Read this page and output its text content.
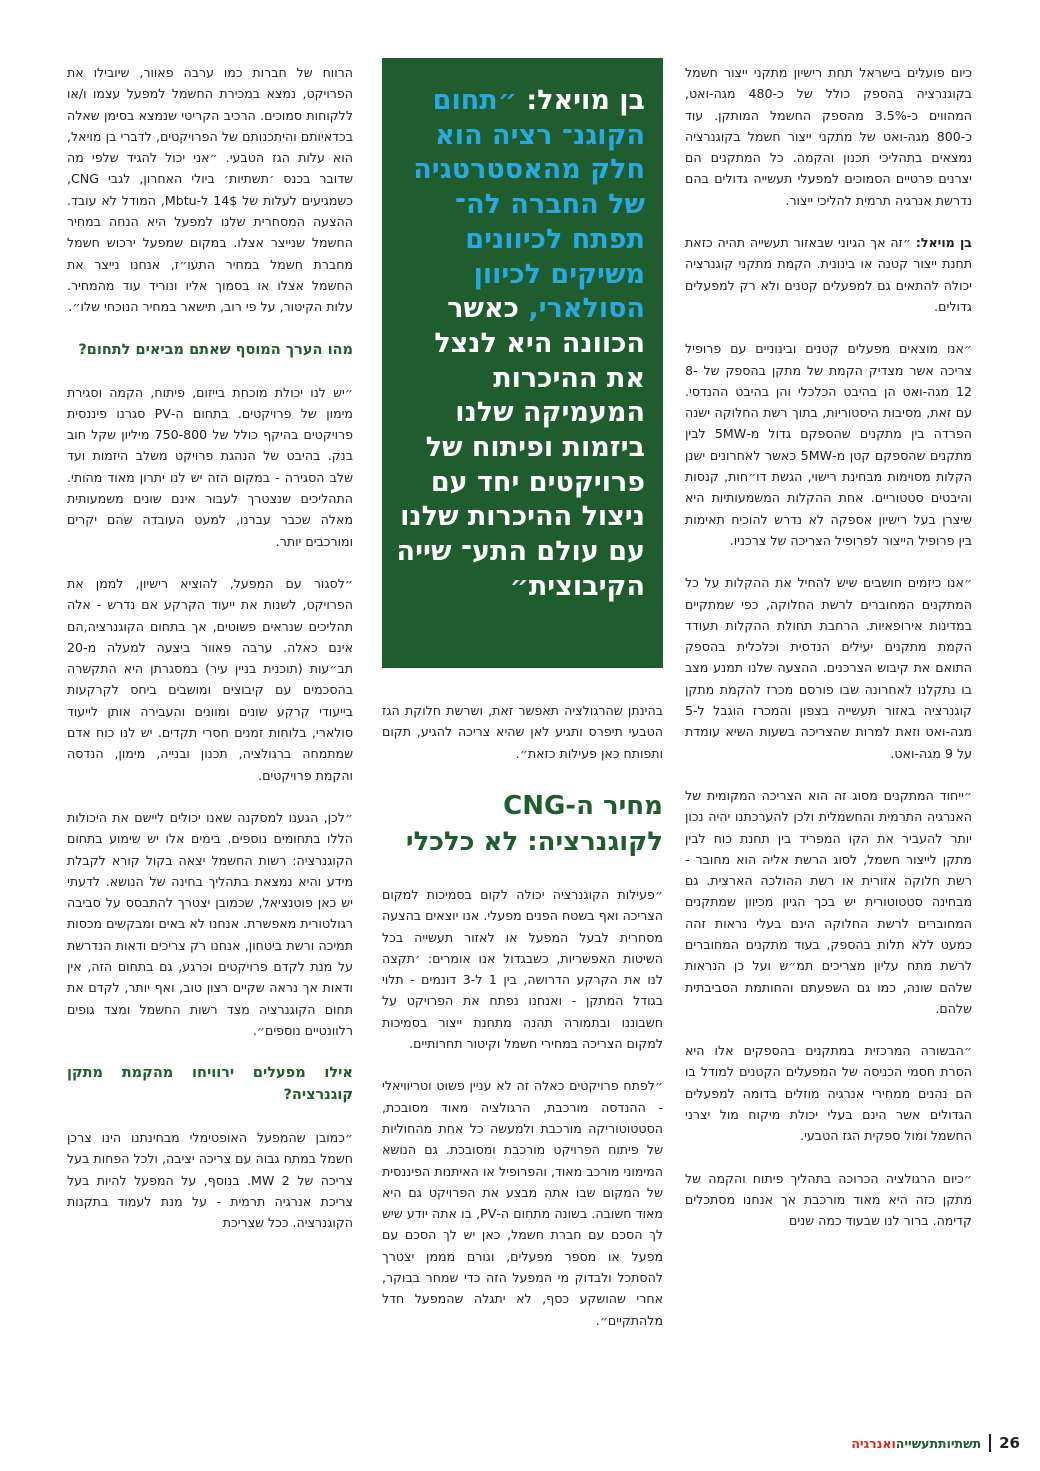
כיום פועלים בישראל תחת רישיון מתקני ייצור חשמל בקוגנרציה בהספק כולל של כ-480 מגה-ואט, המהווים כ-3.5% מהספק החשמל המותקן. עוד כ-800 מגה-ואט של מתקני ייצור חשמל בקוגנרציה נמצאים בתהליכי תכנון והקמה. כל המתקנים הם יצרנים פרטיים הסמוכים למפעלי תעשייה גדולים בהם נדרשת אנרגיה תרמית להליכי ייצור.

בן מויאל: ״זה אך הגיוני שבאזור תעשייה תהיה כזאת תחנת ייצור קטנה או בינונית. הקמת מתקני קוגנרציה יכולה להתאים גם למפעלים קטנים ולא רק למפעלים גדולים.

״אנו מוצאים מפעלים קטנים ובינוניים עם פרופיל צריכה אשר מצדיק הקמת של מתקן בהספק של 8-12 מגה-ואט הן בהיבט הכלכלי והן בהיבט ההנדסי. עם זאת, מסיבות היסטוריות, בתוך רשת החלוקה ישנה הפרדה בין מתקנים שהספקם גדול מ-5MW לבין מתקנים שהספקם קטן מ-5MW כאשר לאחרונים ישנן הקלות מסוימות מבחינת רישוי, הגשת דו״חות, קנסות והיבטים סטטוריים. אחת ההקלות המשמעותיות היא שיצרן בעל רישיון אספקה לא נדרש להוכיח תאימות בין פרופיל הייצור לפרופיל הצריכה של צרכניו.

״אנו כיזמים חושבים שיש להחיל את ההקלות על כל המתקנים המחוברים לרשת החלוקה, כפי שמתקיים במדינות אירופאיות. הרחבת תחולת ההקלות תעודד הקמת מתקנים יעילים הנדסית וכלכלית בהספק התואם את קיבוש הצרכנים. ההצעה שלנו תמנע מצב בו נתקלנו לאחרונה שבו פורסם מכרז להקמת מתקן קוגנרציה באזור תעשייה בצפון והמכרז הוגבל ל-5 מגה-ואט וזאת למרות שהצריכה בשעות השיא עומדת על 9 מגה-ואט.

״ייחוד המתקנים מסוג זה הוא הצריכה המקומית של האנרגיה התרמית והחשמלית ולכן להערכתנו יהיה נכון יותר להעביר את הקו המפריד בין תחנת כוח לבין מתקן לייצור חשמל, לסוג הרשת אליה הוא מחובר - רשת חלוקה אזורית או רשת ההולכה הארצית. גם מבחינה סטטוטורית יש בכך הגיון מכיוון שמתקנים המחוברים לרשת החלוקה הינם בעלי נראות זהה כמעט ללא תלות בהספק, בעוד מתקנים המחוברים לרשת מתח עליון מצריכים תמ״ש ועל כן הנראות שלהם שונה, כמו גם השפעתם והחותמת הסביבתית שלהם.

״הבשורה המרכזית במתקנים בהספקים אלו היא הסרת חסמי הכניסה של המפעלים הקטנים למודל בו הם נהנים ממחירי אנרגיה מוזלים בדומה למפעלים הגדולים אשר הינם בעלי יכולת מיקוח מול יצרני החשמל ומול ספקית הגז הטבעי.

״כיום הרגולציה הכרוכה בתהליך פיתוח והקמה של מתקן כזה היא מאוד מורכבת אך אנחנו מסתכלים קדימה. ברור לנו שבעוד כמה שנים

בן מויאל: ״תחום הקוגנ־ רציה הוא חלק מהאסטרטגיה של החברה לה־ תפתח לכיוונים משיקים לכיוון הסולארי, כאשר הכוונה היא לנצל את ההיכרות המעמיקה שלנו ביזמות ופיתוח של פרויקטים יחד עם ניצול ההיכרות שלנו עם עולם התע־ שייה הקיבוצית״

בהינתן שהרגולציה תאפשר זאת, ושרשת חלוקת הגז הטבעי תיפרס ותגיע לאן שהיא צריכה להגיע, תקום ותפותח כאן פעילות כזאת״.

מחיר ה-CNG לקוגנרציה: לא כלכלי

״פעילות הקוגנרציה יכולה לקום בסמיכות למקום הצריכה ואף בשטח הפנים מפעלי. אנו יוצאים בהצעה מסחרית לבעל המפעל או לאזור תעשייה בכל השיטות האפשריות, כשבגדול אנו אומרים: ׳תקצה לנו את הקרקע הדרושה, בין 1 ל-3 דונמים - תלוי בגודל המתקן - ואנחנו נפתח את הפרויקט על חשבוננו ובתמורה תהנה מתחנת ייצור בסמיכות למקום הצריכה במחירי חשמל וקיטור תחרותיים.

״לפתח פרויקטים כאלה זה לא עניין פשוט וטריוויאלי - ההנדסה מורכבת, הרגולציה מאוד מסובכת, הסטטוטוריקה מורכבת ולמעשה כל אחת מהחוליות של פיתוח הפרויקט מורכבת ומסובכת. גם הנושא המימוני מורכב מאוד, והפרופיל או האיתנות הפיננסית של המקום שבו אתה מבצע את הפרויקט גם היא מאוד חשובה. בשונה מתחום ה-PV, בו אתה יודע שיש לך הסכם עם חברת חשמל, כאן יש לך הסכם עם מפעל או מספר מפעלים, וגורם מממן יצטרך להסתכל ולבדוק מי המפעל הזה כדי שמחר בבוקר, אחרי שהושקע כסף, לא יתגלה שהמפעל חדל מלהתקיים״.

הרווח של חברות כמו ערבה פאוור, שיובילו את הפרויקט, נמצא במכירת החשמל למפעל עצמו ו/או ללקוחות סמוכים. הרכיב הקריטי שנמצא בסימן שאלה בכדאיותם והיתכנותם של הפרויקטים, לדברי בן מויאל, הוא עלות הגז הטבעי. ״אני יכול להגיד שלפי מה שדובר בכנס ׳תשתיות׳ ביולי האחרון, לגבי CNG, כשמגיעים לעלות של 14$ ל-Mbtu, המודל לא עובד. ההצעה המסחרית שלנו למפעל היא הנחה במחיר החשמל שנייצר אצלו. במקום שמפעל ירכוש חשמל מחברת חשמל במחיר התעו״ז, אנחנו נייצר את החשמל אצלו או בסמוך אליו ונוריד עוד מהמחיר. עלות הקיטור, על פי רוב, תישאר במחיר הנוכחי שלו״.

מהו הערך המוסף שאתם מביאים לתחום?

״יש לנו יכולת מוכחת בייזום, פיתוח, הקמה וסגירת מימון של פרויקטים. בתחום ה-PV סגרנו פיננסית פרויקטים בהיקף כולל של 750-800 מיליון שקל חוב בנק. בהיבט של הנהגת פרויקט משלב היזמות ועד שלב הסגירה - במקום הזה יש לנו יתרון מאוד מהותי. התהליכים שנצטרך לעבור אינם שונים משמעותית מאלה שכבר עברנו, למעט העובדה שהם יקרים ומורכבים יותר.

״לסגור עם המפעל, להוציא רישיון, לממן את הפרויקט, לשנות את ייעוד הקרקע אם נדרש - אלה תהליכים שנראים פשוטים, אך בתחום הקוגנרציה,הם אינם כאלה. ערבה פאוור ביצעה למעלה מ-20 תב״עות (תוכנית בניין עיר) במסגרתן היא התקשרה בהסכמים עם קיבוצים ומושבים ביחס לקרקעות בייעודי קרקע שונים ומוונים והעבירה אותן לייעוד סולארי, בלוחות זמנים חסרי תקדים. יש לנו כוח אדם שמתמחה ברגולציה, תכנון ובנייה, מימון, הנדסה והקמת פרויקטים.

״לכן, הגענו למסקנה שאנו יכולים ליישם את היכולות הללו בתחומים נוספים. בימים אלו יש שימוע בתחום הקוגנרציה: רשות החשמל יצאה בקול קורא לקבלת מידע והיא נמצאת בתהליך בחינה של הנושא. לדעתי יש כאן פוטנציאל, שכמובן יצטרך להתבסס על סביבה רגולטורית מאפשרת. אנחנו לא באים ומבקשים מכסות תמיכה ורשת ביטחון, אנחנו רק צריכים ודאות הנדרשת על מנת לקדם פרויקטים וכרגע, גם בתחום הזה, אין ודאות אך נראה שקיים רצון טוב, ואף יותר, לקדם את תחום הקוגנרציה מצד רשות החשמל ומצד גופים רלוונטיים נוספים״.

אילו מפעלים ירוויחו מהקמת מתקן קוגנרציה?

״כמובן שהמפעל האופטימלי מבחינתנו הינו צרכן חשמל במתח גבוה עם צריכה יציבה, ולכל הפחות בעל צריכה של MW 2. בנוסף, על המפעל להיות בעל צריכת אנרגיה תרמית - על מנת לעמוד בתקנות הקוגנרציה. ככל שצריכת

26
תשתיותתעשייהואנרגיה
